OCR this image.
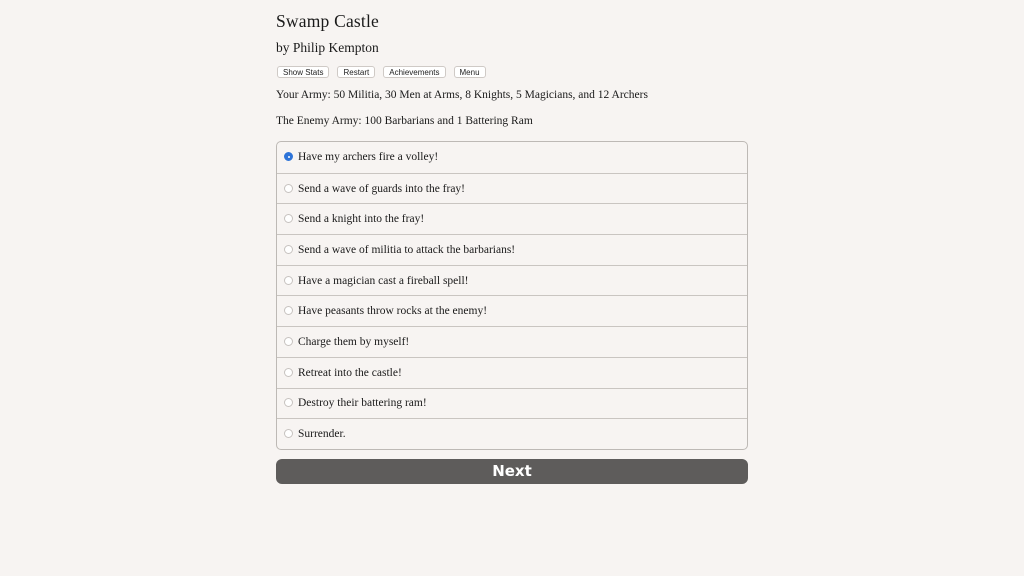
Swamp Castle
by Philip Kempton
Show Stats	Restart	Achievements	Menu
Your Army: 50 Militia, 30 Men at Arms, 8 Knights, 5 Magicians, and 12 Archers
The Enemy Army: 100 Barbarians and 1 Battering Ram
Have my archers fire a volley!
Send a wave of guards into the fray!
Send a knight into the fray!
Send a wave of militia to attack the barbarians!
Have a magician cast a fireball spell!
Have peasants throw rocks at the enemy!
Charge them by myself!
Retreat into the castle!
Destroy their battering ram!
Surrender.
Next
